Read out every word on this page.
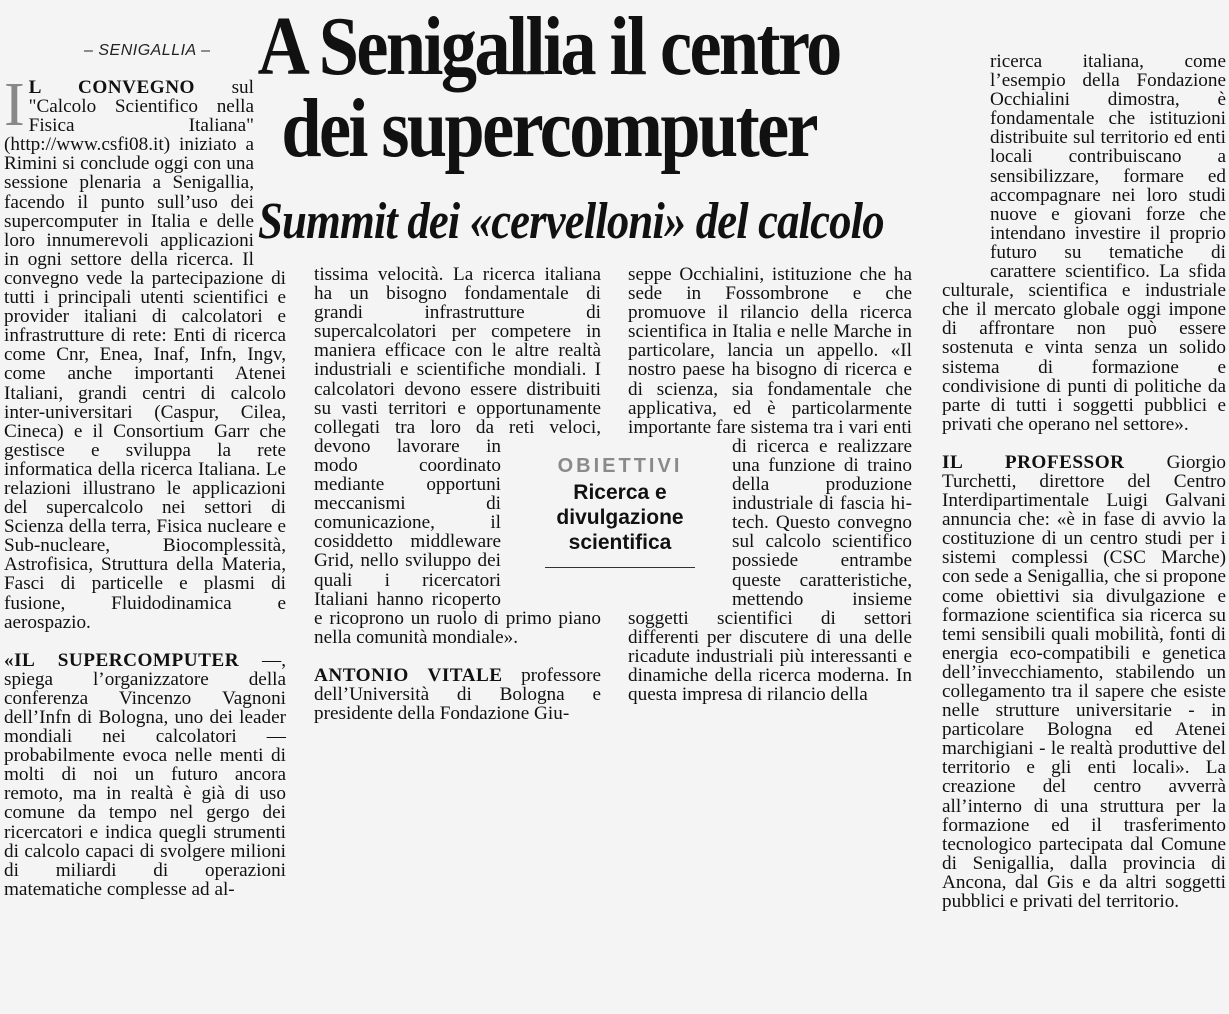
– SENIGALLIA – A Senigallia il centro dei supercomputer
Summit dei «cervelloni» del calcolo

I L CONVEGNO sul "Calcolo Scientifico nella Fisica Italiana" (http://www.csfi08.it) iniziato a Rimini si conclude oggi con una sessione plenaria a Senigallia, facendo il punto sull’uso dei supercomputer in Italia e delle loro innumerevoli applicazioni in ogni settore della ricerca. Il convegno vede la partecipazione di tutti i principali utenti scientifici e provider italiani di calcolatori e infrastrutture di rete: Enti di ricerca come Cnr, Enea, Inaf, Infn, Ingv, come anche importanti Atenei Italiani, grandi centri di calcolo inter-universitari (Caspur, Cilea, Cineca) e il Consortium Garr che gestisce e sviluppa la rete informatica della ricerca Italiana. Le relazioni illustrano le applicazioni del supercalcolo nei settori di Scienza della terra, Fisica nucleare e Sub-nucleare, Biocomplessità, Astrofisica, Struttura della Materia, Fasci di particelle e plasmi di fusione, Fluidodinamica e aerospazio.

«IL SUPERCOMPUTER —, spiega l’organizzatore della conferenza Vincenzo Vagnoni dell’Infn di Bologna, uno dei leader mondiali nei calcolatori — probabilmente evoca nelle menti di molti di noi un futuro ancora remoto, ma in realtà è già di uso comune da tempo nel gergo dei ricercatori e indica quegli strumenti di calcolo capaci di svolgere milioni di miliardi di operazioni matematiche complesse ad al-

tissima velocità. La ricerca italiana ha un bisogno fondamentale di grandi infrastrutture di supercalcolatori per competere in maniera efficace con le altre realtà industriali e scientifiche mondiali. I calcolatori devono essere distribuiti su vasti territori e opportunamente collegati tra loro da reti veloci, devono lavorare in modo coordinato mediante opportuni meccanismi di comunicazione, il cosiddetto middleware Grid, nello sviluppo dei quali i ricercatori Italiani hanno ricoperto e ricoprono un ruolo di primo piano nella comunità mondiale».

ANTONIO VITALE professore dell’Università di Bologna e presidente della Fondazione Giu-

OBIETTIVI
Ricerca e divulgazione scientifica

seppe Occhialini, istituzione che ha sede in Fossombrone e che promuove il rilancio della ricerca scientifica in Italia e nelle Marche in particolare, lancia un appello. «Il nostro paese ha bisogno di ricerca e di scienza, sia fondamentale che applicativa, ed è particolarmente importante fare sistema tra i vari enti di ricerca e realizzare una funzione di traino della produzione industriale di fascia hi-tech. Questo convegno sul calcolo scientifico possiede entrambe queste caratteristiche, mettendo insieme soggetti scientifici di settori differenti per discutere di una delle ricadute industriali più interessanti e dinamiche della ricerca moderna. In questa impresa di rilancio della

ricerca italiana, come l’esempio della Fondazione Occhialini dimostra, è fondamentale che istituzioni distribuite sul territorio ed enti locali contribuiscano a sensibilizzare, formare ed accompagnare nei loro studi nuove e giovani forze che intendano investire il proprio futuro su tematiche di carattere scientifico. La sfida culturale, scientifica e industriale che il mercato globale oggi impone di affrontare non può essere sostenuta e vinta senza un solido sistema di formazione e condivisione di punti di politiche da parte di tutti i soggetti pubblici e privati che operano nel settore».

IL PROFESSOR Giorgio Turchetti, direttore del Centro Interdipartimentale Luigi Galvani annuncia che: «è in fase di avvio la costituzione di un centro studi per i sistemi complessi (CSC Marche) con sede a Senigallia, che si propone come obiettivi sia divulgazione e formazione scientifica sia ricerca su temi sensibili quali mobilità, fonti di energia eco-compatibili e genetica dell’invecchiamento, stabilendo un collegamento tra il sapere che esiste nelle strutture universitarie - in particolare Bologna ed Atenei marchigiani - le realtà produttive del territorio e gli enti locali». La creazione del centro avverrà all’interno di una struttura per la formazione ed il trasferimento tecnologico partecipata dal Comune di Senigallia, dalla provincia di Ancona, dal Gis e da altri soggetti pubblici e privati del territorio.
